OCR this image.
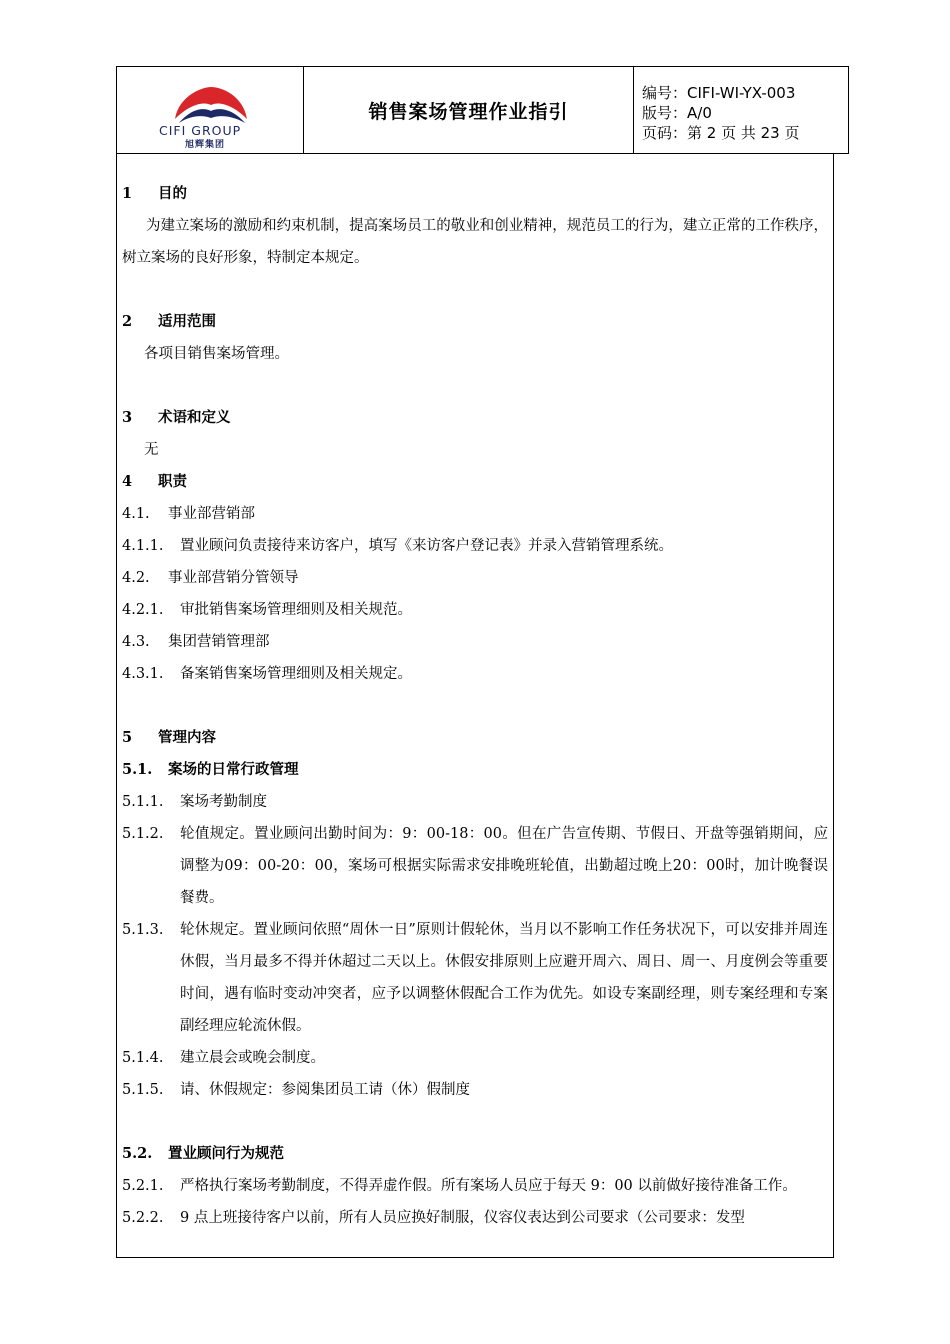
CIFI GROUP
旭辉集团
销售案场管理作业指引
编号：CIFI-WI-YX-003
版号：A/0
页码：第 2 页 共 23 页
1 目的
为建立案场的激励和约束机制，提高案场员工的敬业和创业精神，规范员工的行为，建立正常的工作秩序，树立案场的良好形象，特制定本规定。
2 适用范围
各项目销售案场管理。
3 术语和定义
无
4 职责
4.1. 事业部营销部
4.1.1. 置业顾问负责接待来访客户，填写《来访客户登记表》并录入营销管理系统。
4.2. 事业部营销分管领导
4.2.1. 审批销售案场管理细则及相关规范。
4.3. 集团营销管理部
4.3.1. 备案销售案场管理细则及相关规定。
5 管理内容
5.1. 案场的日常行政管理
5.1.1. 案场考勤制度
5.1.2.	轮值规定。置业顾问出勤时间为：9：00-18：00。但在广告宣传期、节假日、开盘等强销期间，应调整为09：00-20：00，案场可根据实际需求安排晚班轮值，出勤超过晚上20：00时，加计晚餐误餐费。
5.1.3.	轮休规定。置业顾问依照“周休一日”原则计假轮休，当月以不影响工作任务状况下，可以安排并周连休假，当月最多不得并休超过二天以上。休假安排原则上应避开周六、周日、周一、月度例会等重要时间，遇有临时变动冲突者，应予以调整休假配合工作为优先。如设专案副经理，则专案经理和专案副经理应轮流休假。
5.1.4. 建立晨会或晚会制度。
5.1.5. 请、休假规定：参阅集团员工请（休）假制度
5.2. 置业顾问行为规范
5.2.1.	严格执行案场考勤制度，不得弄虚作假。所有案场人员应于每天 9：00 以前做好接待准备工作。
5.2.2.	9 点上班接待客户以前，所有人员应换好制服，仪容仪表达到公司要求（公司要求：发型
